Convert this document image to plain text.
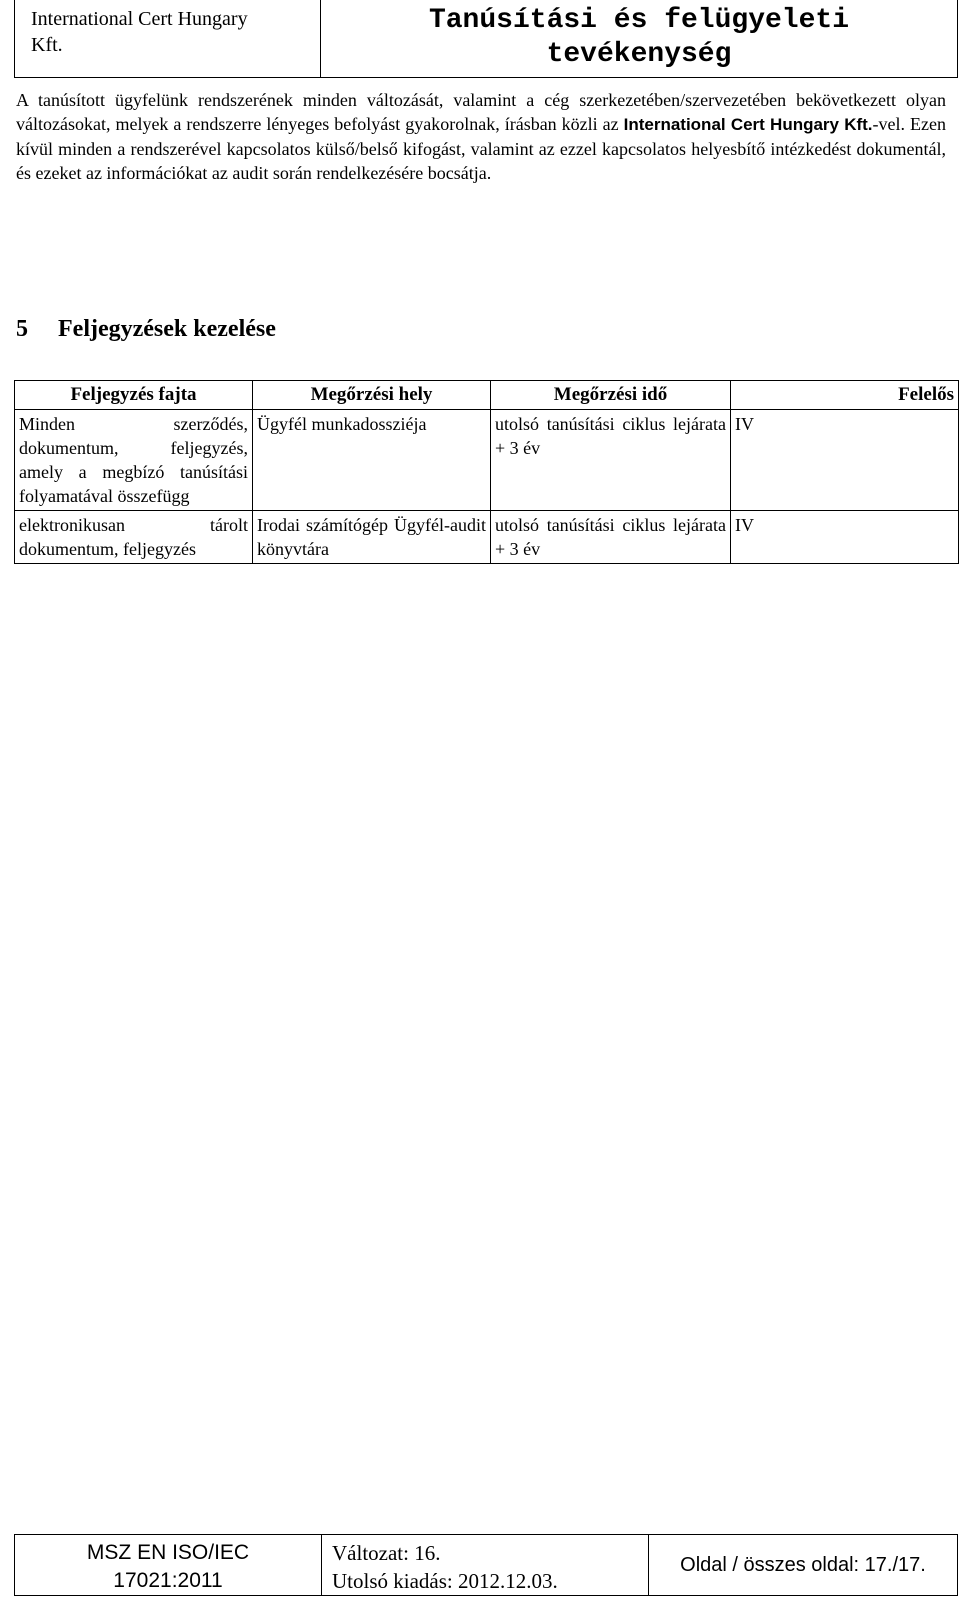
International Cert Hungary
Kft.
Tanúsítási és felügyeleti
tevékenység

A tanúsított ügyfelünk rendszerének minden változását, valamint a cég szerkezetében/szervezetében bekövetkezett olyan változásokat, melyek a rendszerre lényeges befolyást gyakorolnak, írásban közli az International Cert Hungary Kft.-vel. Ezen kívül minden a rendszerével kapcsolatos külső/belső kifogást, valamint az ezzel kapcsolatos helyesbítő intézkedést dokumentál, és ezeket az információkat az audit során rendelkezésére bocsátja.

5 Feljegyzések kezelése
Feljegyzés fajta	Megőrzési hely	Megőrzési idő	Felelős
Minden szerződés, dokumentum, feljegyzés, amely a megbízó tanúsítási folyamatával összefügg	Ügyfél munkadossziéja	utolsó tanúsítási ciklus lejárata + 3 év	IV
elektronikusan tárolt dokumentum, feljegyzés	Irodai számítógép Ügyfél-audit könyvtára	utolsó tanúsítási ciklus lejárata + 3 év	IV
MSZ EN ISO/IEC
17021:2011
Változat: 16.
Utolsó kiadás: 2012.12.03.
Oldal / összes oldal: 17./17.
